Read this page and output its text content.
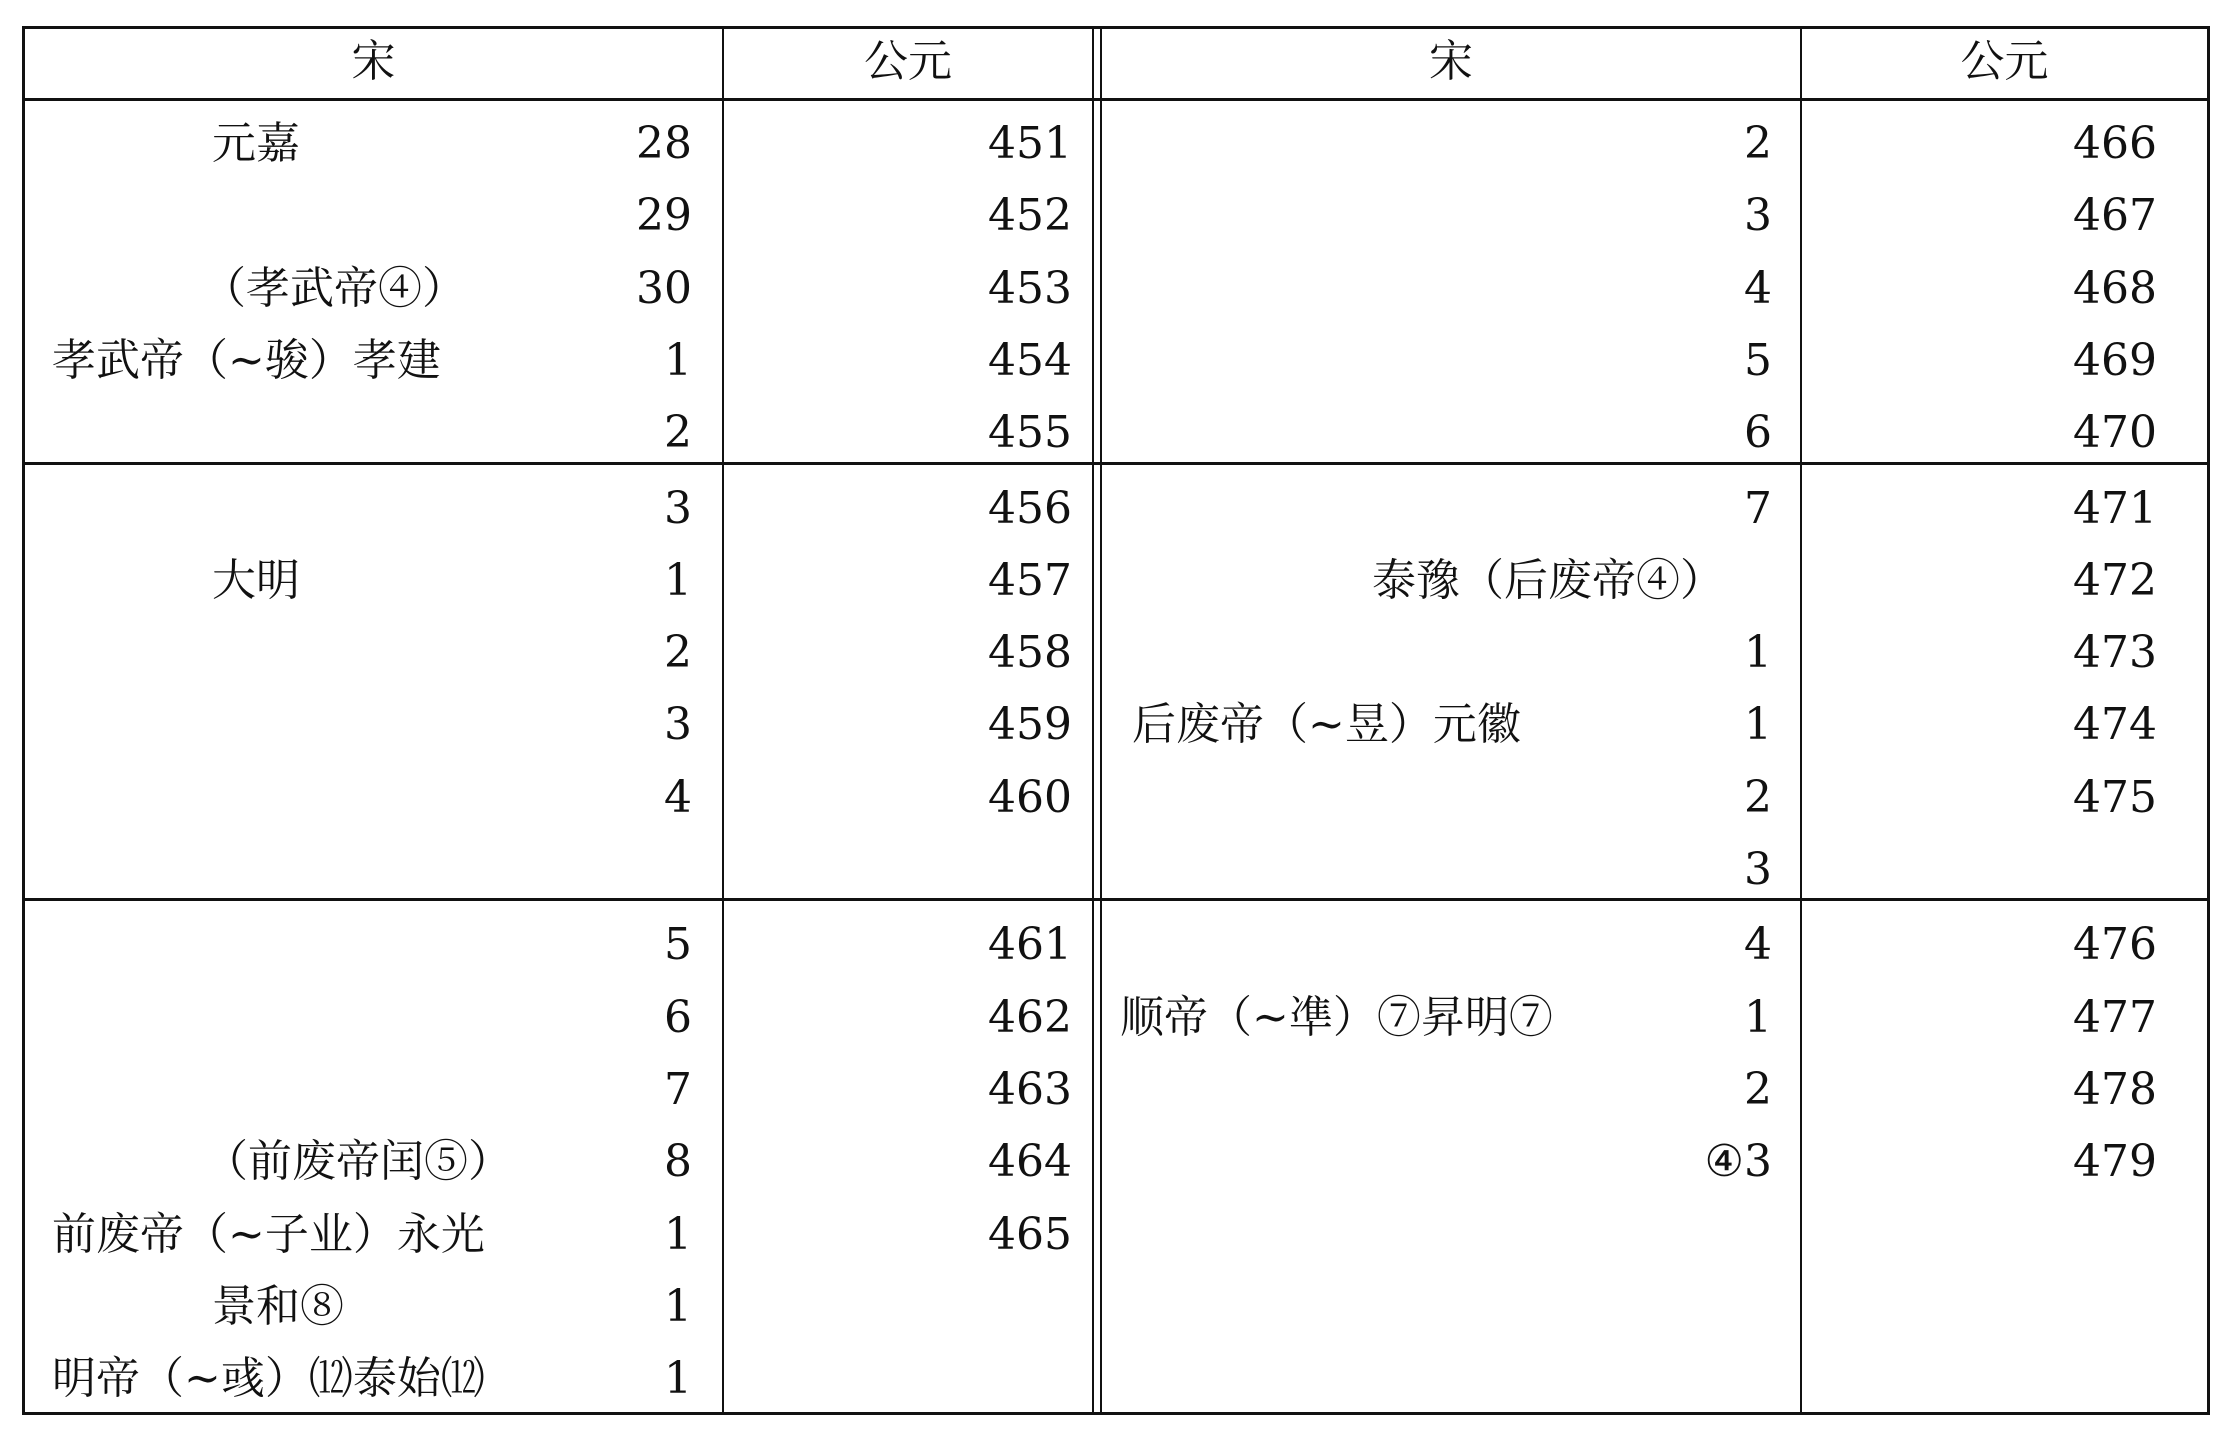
宋	公元	宋	公元
元嘉	28	451
29	452
（孝武帝④）	30	453
孝武帝（~骏）孝建	1	454
2	455
3	456
大明	1	457
2	458
3	459
4	460
5	461
6	462
7	463
（前废帝闰⑤）	8	464
前废帝（~子业）永光	1	465
景和⑧	1
明帝（~彧）⑿泰始⑿	1
2	466
3	467
4	468
5	469
6	470
7	471
泰豫（后废帝④）	472
1	473
后废帝（~昱）元徽	1	474
2	475
3
4	476
顺帝（~凖）⑦昇明⑦	1	477
2	478
④3	479
